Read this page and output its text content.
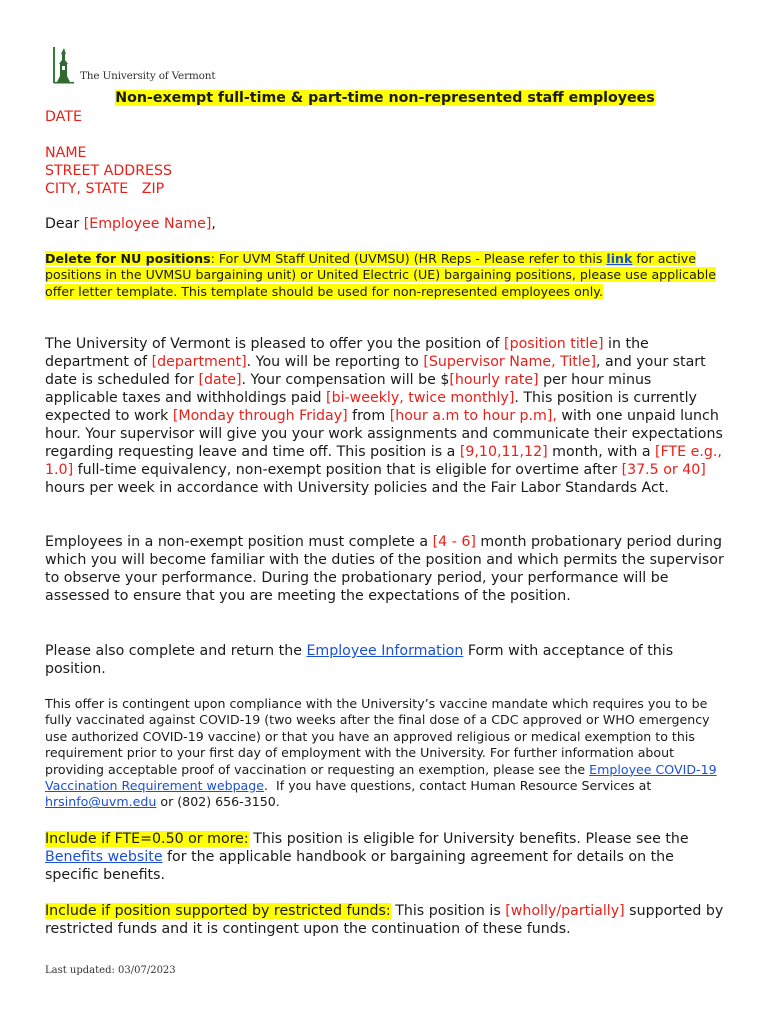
The University of Vermont
Non-exempt full-time & part-time non-represented staff employees
DATE
NAME
STREET ADDRESS
CITY, STATE   ZIP
Dear [Employee Name],
Delete for NU positions: For UVM Staff United (UVMSU) (HR Reps - Please refer to this link for active positions in the UVMSU bargaining unit) or United Electric (UE) bargaining positions, please use applicable offer letter template. This template should be used for non-represented employees only.
The University of Vermont is pleased to offer you the position of [position title] in the department of [department]. You will be reporting to [Supervisor Name, Title], and your start date is scheduled for [date]. Your compensation will be $[hourly rate] per hour minus applicable taxes and withholdings paid [bi-weekly, twice monthly]. This position is currently expected to work [Monday through Friday] from [hour a.m to hour p.m], with one unpaid lunch hour. Your supervisor will give you your work assignments and communicate their expectations regarding requesting leave and time off. This position is a [9,10,11,12] month, with a [FTE e.g., 1.0] full-time equivalency, non-exempt position that is eligible for overtime after [37.5 or 40] hours per week in accordance with University policies and the Fair Labor Standards Act.
Employees in a non-exempt position must complete a [4 - 6] month probationary period during which you will become familiar with the duties of the position and which permits the supervisor to observe your performance. During the probationary period, your performance will be assessed to ensure that you are meeting the expectations of the position.
Please also complete and return the Employee Information Form with acceptance of this position.
This offer is contingent upon compliance with the University’s vaccine mandate which requires you to be fully vaccinated against COVID-19 (two weeks after the final dose of a CDC approved or WHO emergency use authorized COVID-19 vaccine) or that you have an approved religious or medical exemption to this requirement prior to your first day of employment with the University. For further information about providing acceptable proof of vaccination or requesting an exemption, please see the Employee COVID-19 Vaccination Requirement webpage.  If you have questions, contact Human Resource Services at hrsinfo@uvm.edu or (802) 656-3150.
Include if FTE=0.50 or more: This position is eligible for University benefits. Please see the Benefits website for the applicable handbook or bargaining agreement for details on the specific benefits.
Include if position supported by restricted funds: This position is [wholly/partially] supported by restricted funds and it is contingent upon the continuation of these funds.
Last updated: 03/07/2023
